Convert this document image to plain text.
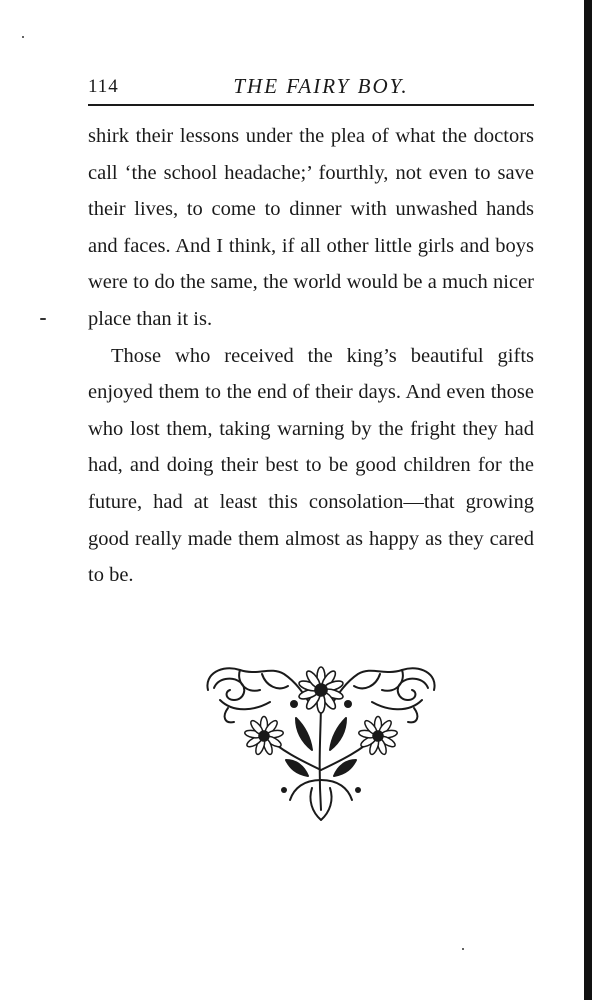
114	THE FAIRY BOY.

shirk their lessons under the plea of what the doctors call ‘the school headache;’ fourthly, not even to save their lives, to come to dinner with unwashed hands and faces. And I think, if all other little girls and boys were to do the same, the world would be a much nicer place than it is.

Those who received the king’s beautiful gifts enjoyed them to the end of their days. And even those who lost them, taking warning by the fright they had had, and doing their best to be good children for the future, had at least this consolation—that growing good really made them almost as happy as they cared to be.
